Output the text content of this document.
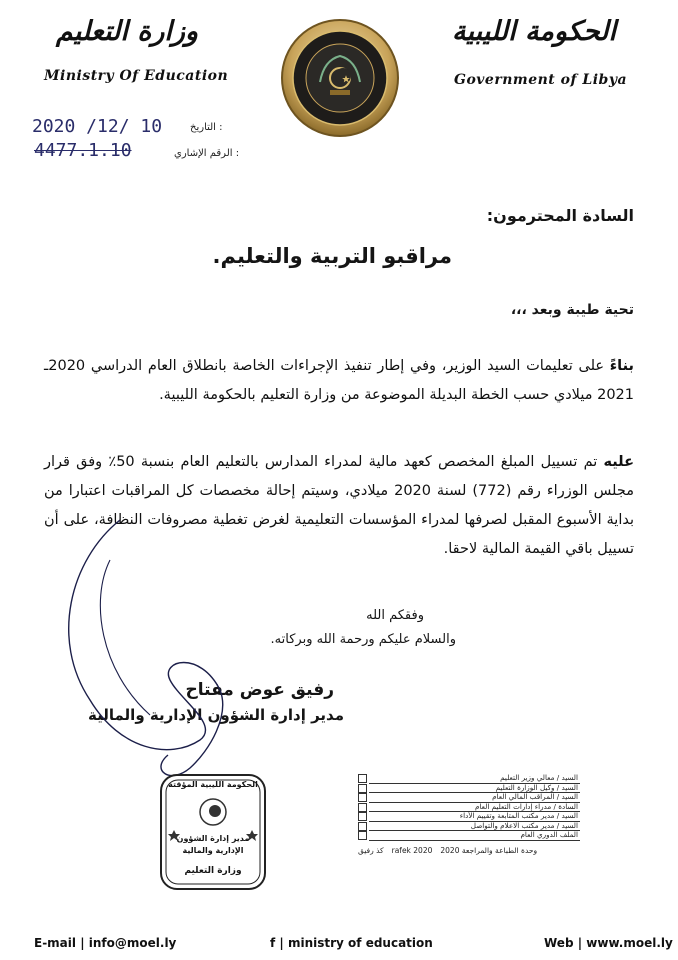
وزارة التعليم
Ministry Of Education
الحكومة الليبية
Government of Libya
التاريخ :
2020 /12/ 10
الرقم الإشاري :
4477.1.10
السادة المحترمون:
مراقبو التربية والتعليم.
تحية طيبة وبعد ،،،
بناءً على تعليمات السيد الوزير، وفي إطار تنفيذ الإجراءات الخاصة بانطلاق العام الدراسي 2020ـ 2021 ميلادي حسب الخطة البديلة الموضوعة من وزارة التعليم بالحكومة الليبية.
عليه تم تسييل المبلغ المخصص كعهد مالية لمدراء المدارس بالتعليم العام بنسبة 50٪ وفق قرار مجلس الوزراء رقم (772) لسنة 2020 ميلادي، وسيتم إحالة مخصصات كل المراقبات اعتبارا من بداية الأسبوع المقبل لصرفها لمدراء المؤسسات التعليمية لغرض تغطية مصروفات النظافة، على أن تسييل باقي القيمة المالية لاحقا.
وفقكم الله
والسلام عليكم ورحمة الله وبركاته.
رفيق عوض مفتاح
مدير إدارة الشؤون الإدارية والمالية
الحكومة الليبية المؤقتة
مدير إدارة الشؤون
الإدارية والمالية
وزارة التعليم
السيد / معالي وزير التعليم
السيد / وكيل الوزارة التعليم
السيد / المراقب المالي العام
السادة / مدراء إدارات التعليم العام
السيد / مدير مكتب المتابعة وتقييم الأداء
السيد / مدير مكتب الاعلام والتواصل
الملف الدوري العام
كذ رفيق rafek 2020 وحدة الطباعة والمراجعة 2020
E-mail | info@moel.ly	f | ministry of education	Web | www.moel.ly
